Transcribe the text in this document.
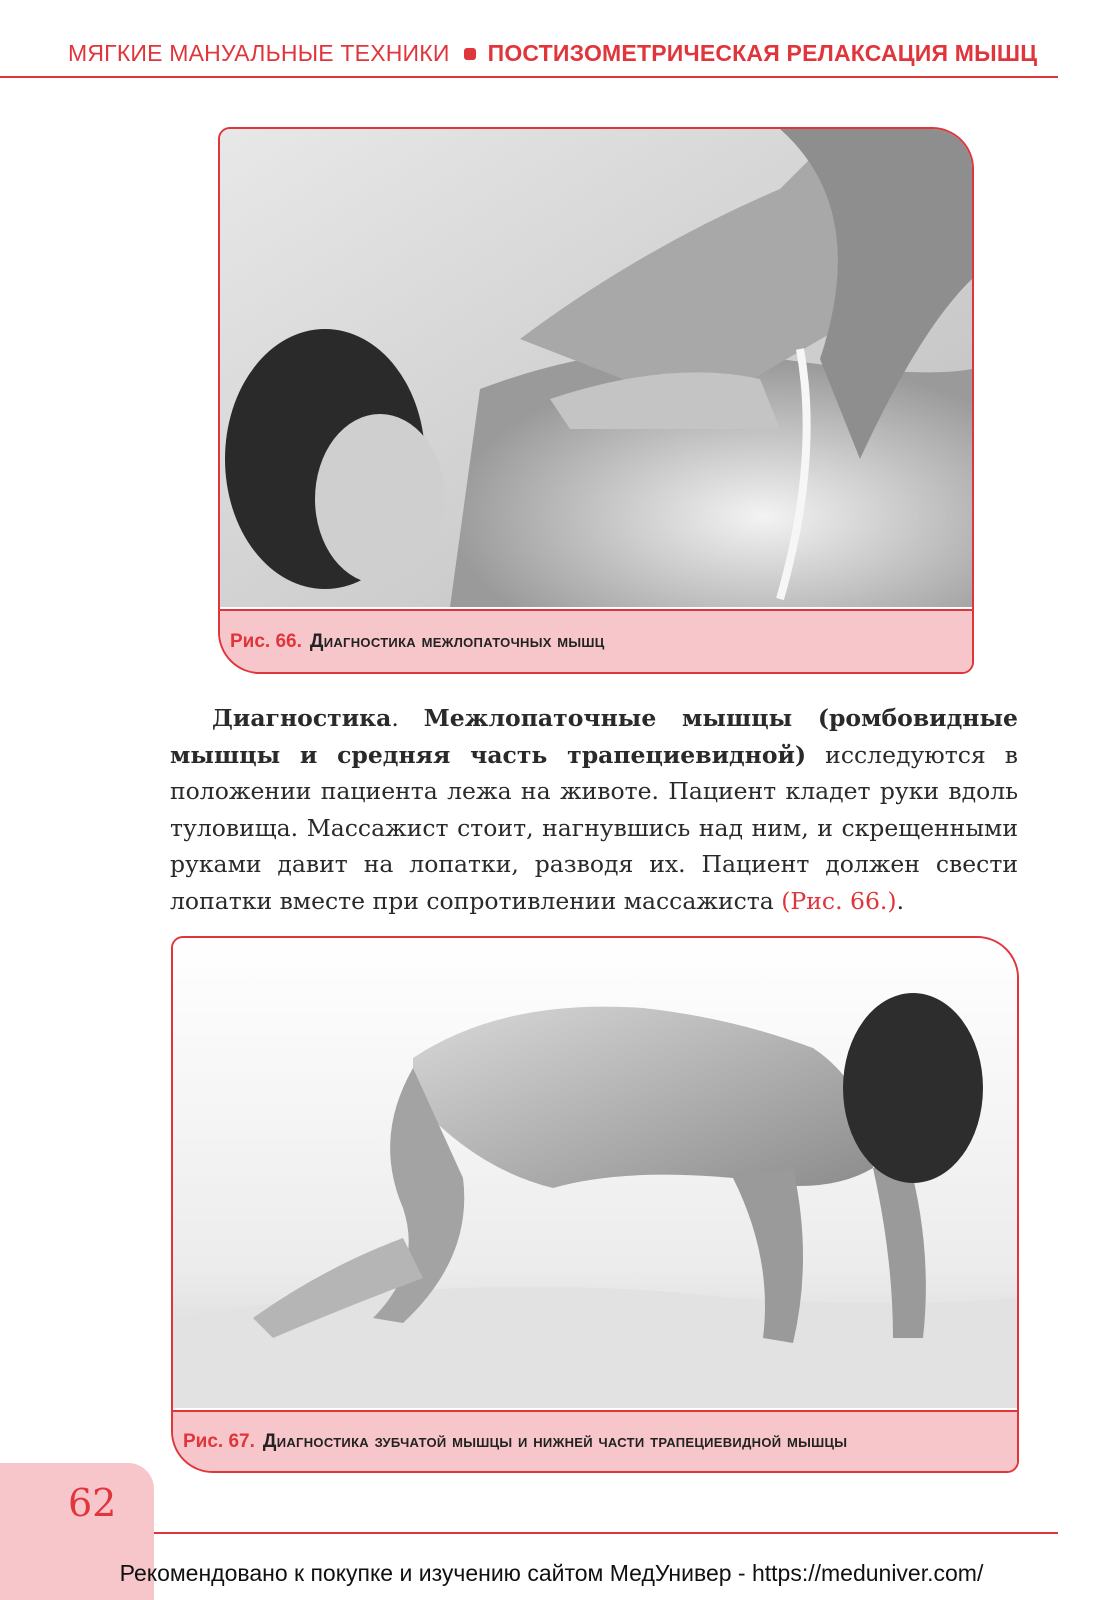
МЯГКИЕ МАНУАЛЬНЫЕ ТЕХНИКИ ПОСТИЗОМЕТРИЧЕСКАЯ РЕЛАКСАЦИЯ МЫШЦ
Рис. 66. Диагностика межлопаточных мышц
Диагностика. Межлопаточные мышцы (ромбовидные мышцы и средняя часть трапециевидной) исследуются в положении пациента лежа на животе. Пациент кладет руки вдоль туловища. Массажист стоит, нагнувшись над ним, и скрещенными руками давит на лопатки, разводя их. Пациент должен свести лопатки вместе при сопротивлении массажиста (Рис. 66.).
Рис. 67. Диагностика зубчатой мышцы и нижней части трапециевидной мышцы
62
Рекомендовано к покупке и изучению сайтом МедУнивер - https://meduniver.com/
